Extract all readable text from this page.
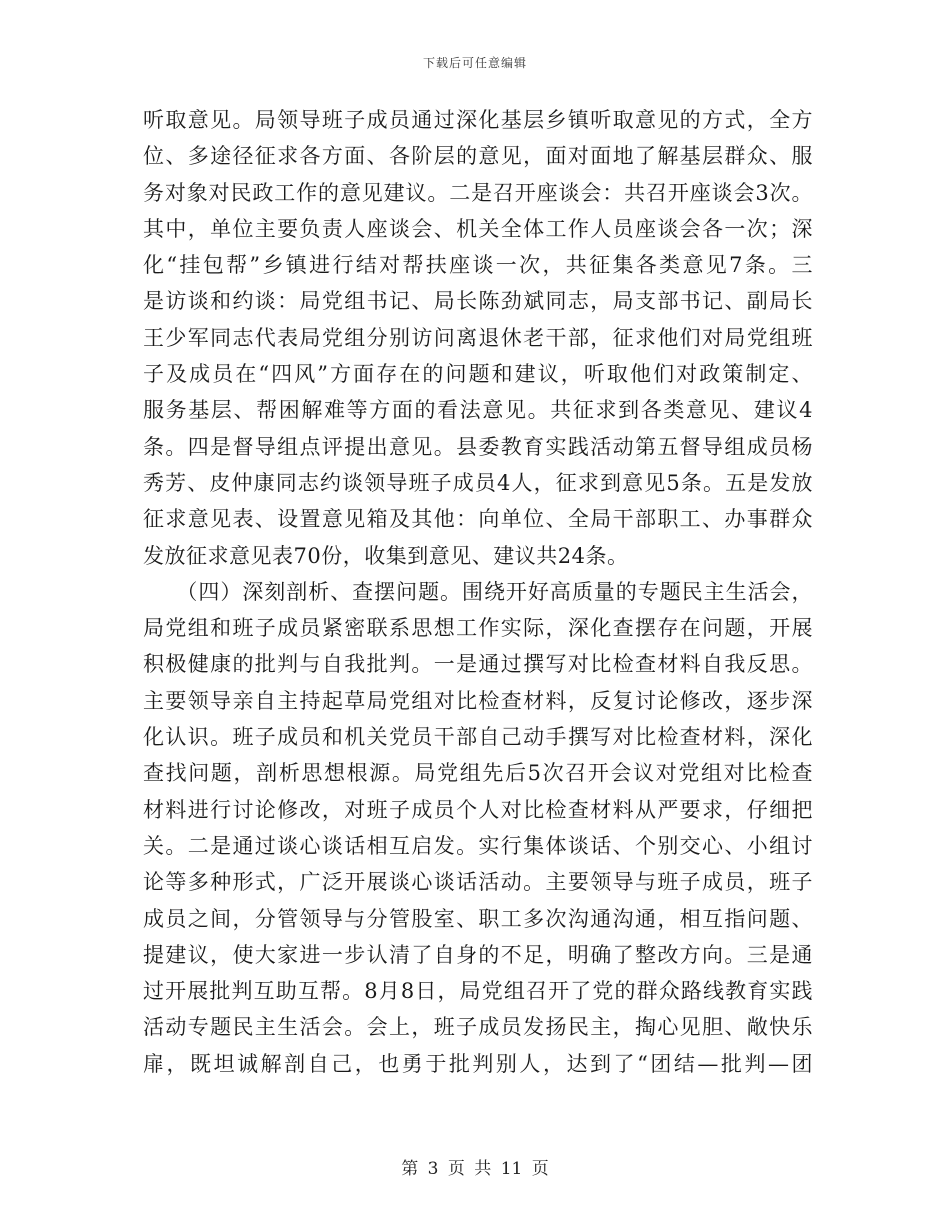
下载后可任意编辑
听取意见。局领导班子成员通过深化基层乡镇听取意见的方式，全方
位、多途径征求各方面、各阶层的意见，面对面地了解基层群众、服
务对象对民政工作的意见建议。二是召开座谈会：共召开座谈会3次。
其中，单位主要负责人座谈会、机关全体工作人员座谈会各一次；深
化“挂包帮”乡镇进行结对帮扶座谈一次，共征集各类意见7条。三
是访谈和约谈：局党组书记、局长陈劲斌同志，局支部书记、副局长
王少军同志代表局党组分别访问离退休老干部，征求他们对局党组班
子及成员在“四风”方面存在的问题和建议，听取他们对政策制定、
服务基层、帮困解难等方面的看法意见。共征求到各类意见、建议4
条。四是督导组点评提出意见。县委教育实践活动第五督导组成员杨
秀芳、皮仲康同志约谈领导班子成员4人，征求到意见5条。五是发放
征求意见表、设置意见箱及其他：向单位、全局干部职工、办事群众
发放征求意见表70份，收集到意见、建议共24条。
　　（四）深刻剖析、查摆问题。围绕开好高质量的专题民主生活会，
局党组和班子成员紧密联系思想工作实际，深化查摆存在问题，开展
积极健康的批判与自我批判。一是通过撰写对比检查材料自我反思。
主要领导亲自主持起草局党组对比检查材料，反复讨论修改，逐步深
化认识。班子成员和机关党员干部自己动手撰写对比检查材料，深化
查找问题，剖析思想根源。局党组先后5次召开会议对党组对比检查
材料进行讨论修改，对班子成员个人对比检查材料从严要求，仔细把
关。二是通过谈心谈话相互启发。实行集体谈话、个别交心、小组讨
论等多种形式，广泛开展谈心谈话活动。主要领导与班子成员，班子
成员之间，分管领导与分管股室、职工多次沟通沟通，相互指问题、
提建议，使大家进一步认清了自身的不足，明确了整改方向。三是通
过开展批判互助互帮。8月8日，局党组召开了党的群众路线教育实践
活动专题民主生活会。会上，班子成员发扬民主，掏心见胆、敞快乐
扉，既坦诚解剖自己，也勇于批判别人，达到了“团结—批判—团
第 3 页 共 11 页
